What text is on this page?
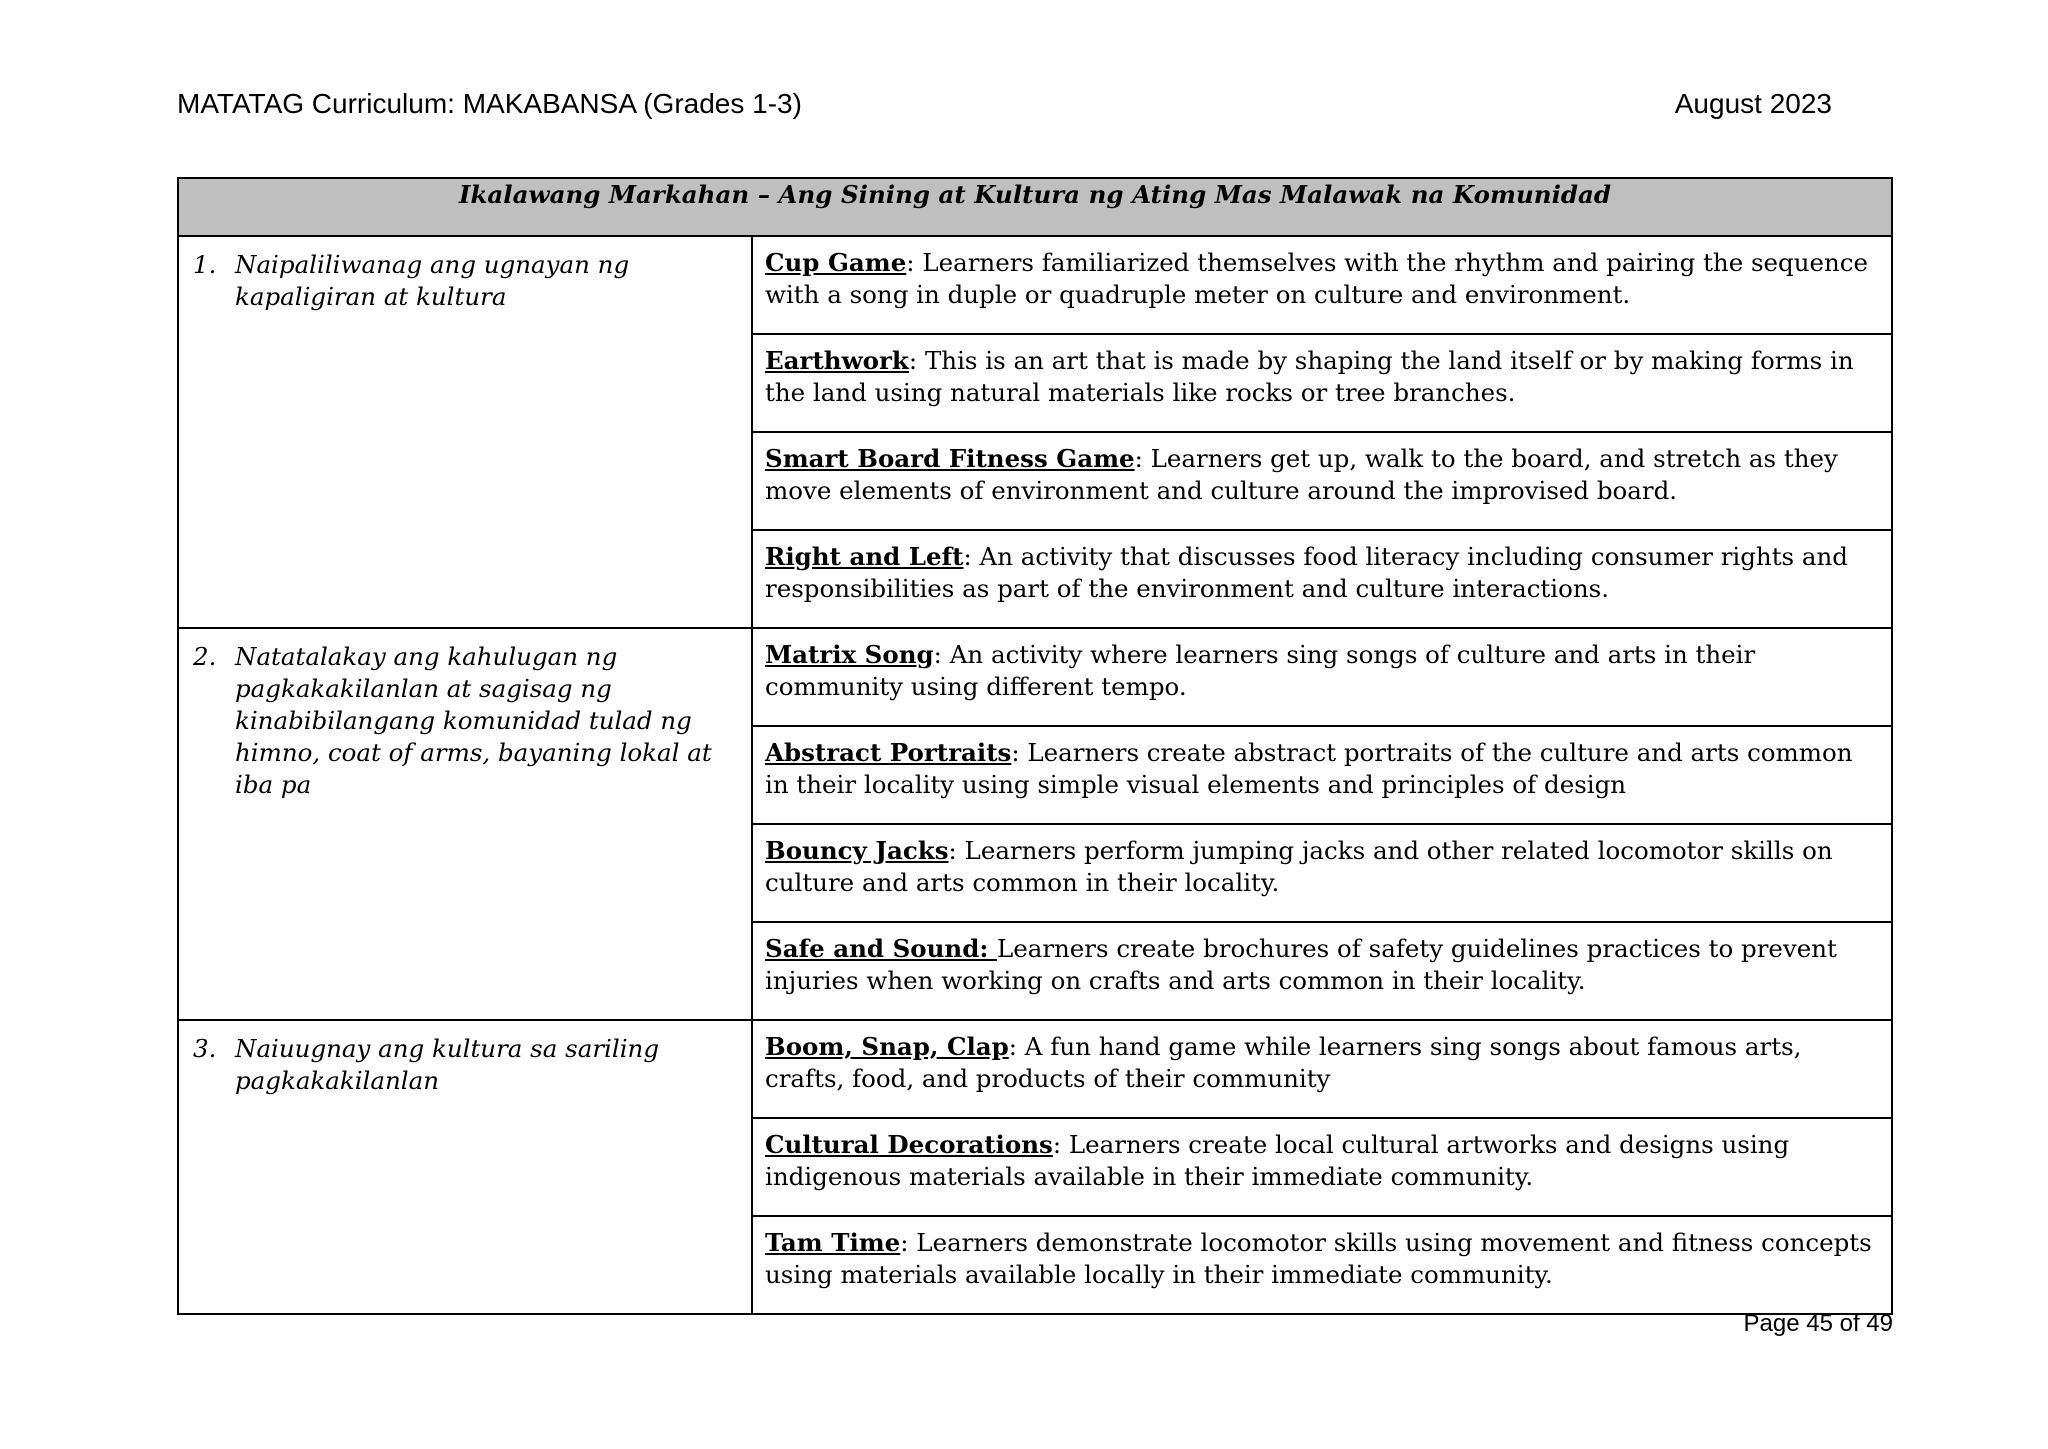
MATATAG Curriculum: MAKABANSA (Grades 1-3)	August 2023
Ikalawang Markahan – Ang Sining at Kultura ng Ating Mas Malawak na Komunidad	

1. Naipaliliwanag ang ugnayan ng kapaligiran at kultura	Cup Game: Learners familiarized themselves with the rhythm and pairing the sequence with a song in duple or quadruple meter on culture and environment.
	Earthwork: This is an art that is made by shaping the land itself or by making forms in the land using natural materials like rocks or tree branches.
	Smart Board Fitness Game: Learners get up, walk to the board, and stretch as they move elements of environment and culture around the improvised board.
	Right and Left: An activity that discusses food literacy including consumer rights and responsibilities as part of the environment and culture interactions.

2. Natatalakay ang kahulugan ng pagkakakilanlan at sagisag ng kinabibilangang komunidad tulad ng himno, coat of arms, bayaning lokal at iba pa	Matrix Song: An activity where learners sing songs of culture and arts in their community using different tempo.
	Abstract Portraits: Learners create abstract portraits of the culture and arts common in their locality using simple visual elements and principles of design
	Bouncy Jacks: Learners perform jumping jacks and other related locomotor skills on culture and arts common in their locality.
	Safe and Sound: Learners create brochures of safety guidelines practices to prevent injuries when working on crafts and arts common in their locality.

3. Naiuugnay ang kultura sa sariling pagkakakilanlan	Boom, Snap, Clap: A fun hand game while learners sing songs about famous arts, crafts, food, and products of their community
	Cultural Decorations: Learners create local cultural artworks and designs using indigenous materials available in their immediate community.
	Tam Time: Learners demonstrate locomotor skills using movement and fitness concepts using materials available locally in their immediate community.
Page 45 of 49
